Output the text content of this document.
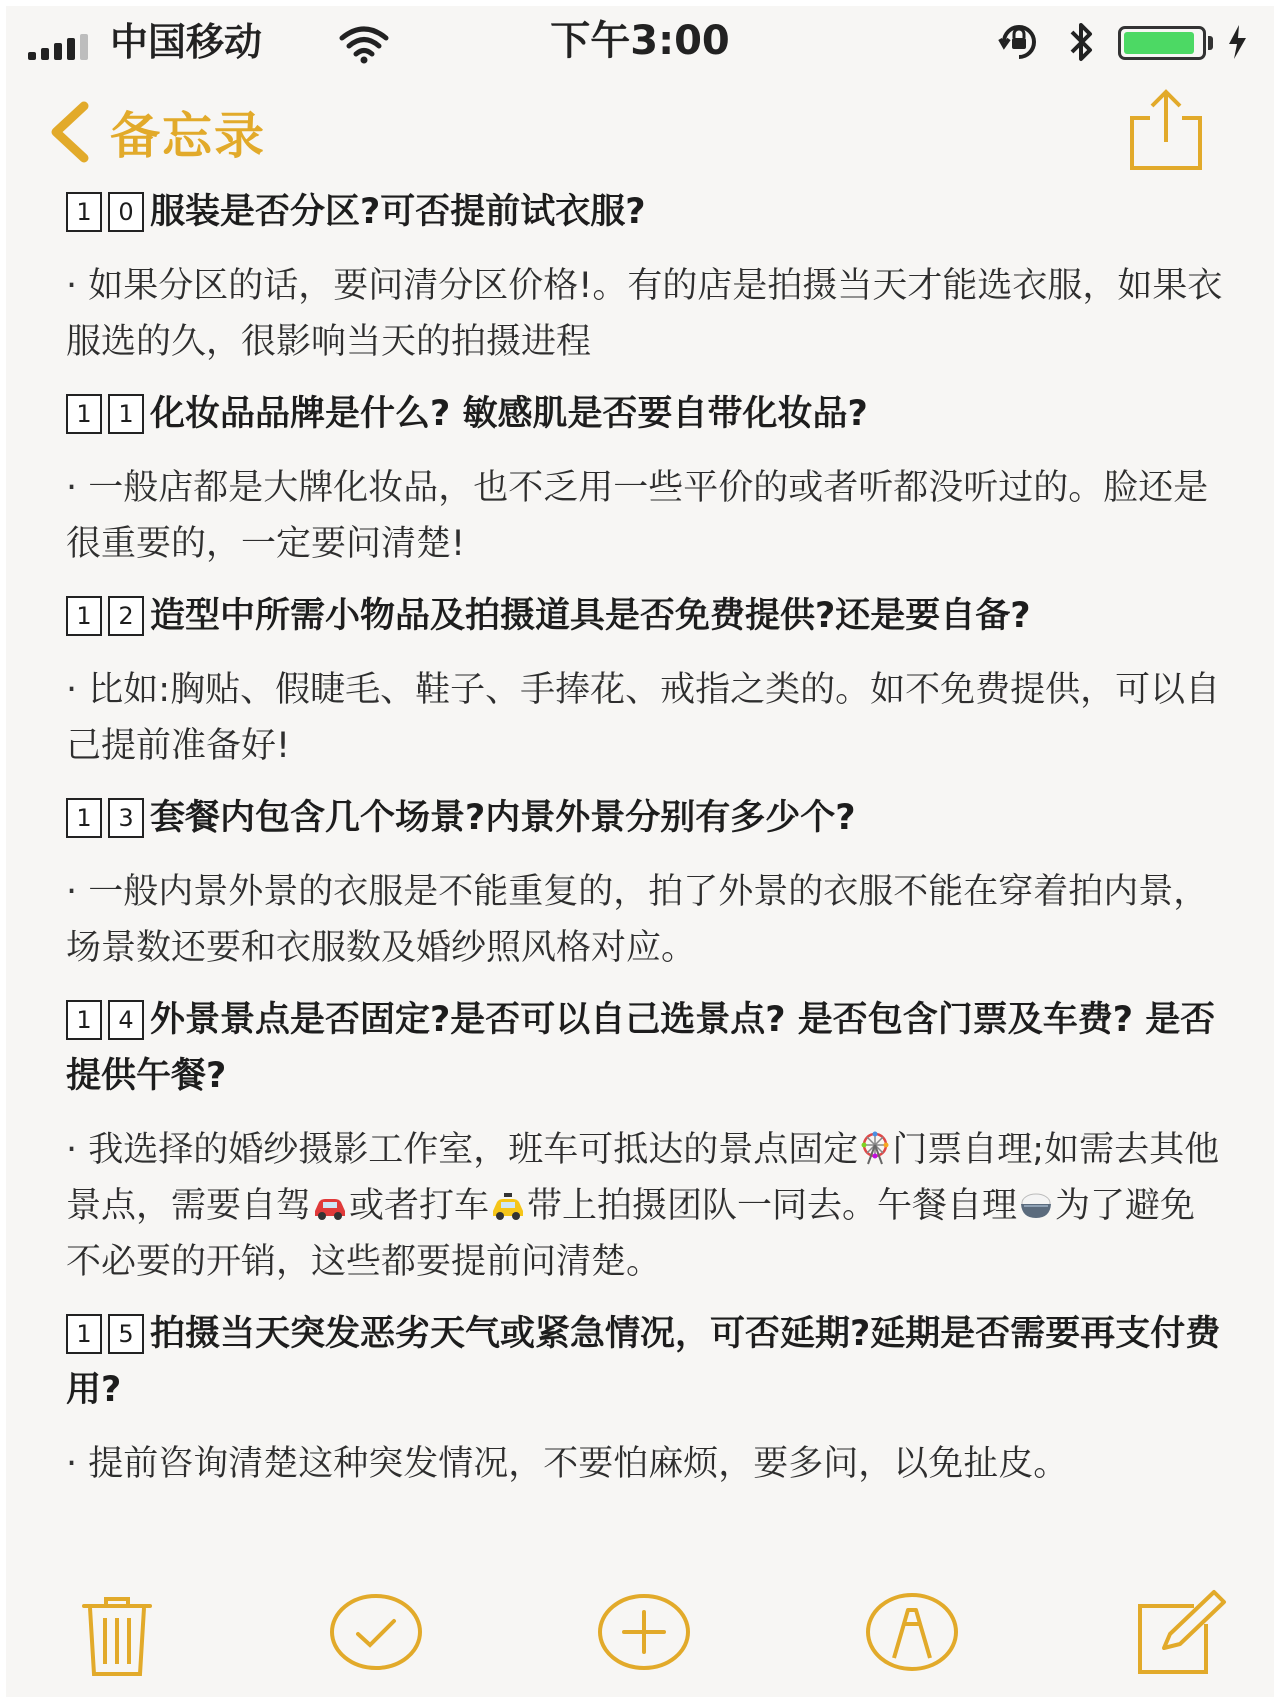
中国移动	下午3:00
备忘录

1 0 服装是否分区?可否提前试衣服?

· 如果分区的话，要问清分区价格!。有的店是拍摄当天才能选衣服，如果衣服选的久，很影响当天的拍摄进程

1 1 化妆品品牌是什么? 敏感肌是否要自带化妆品?

· 一般店都是大牌化妆品，也不乏用一些平价的或者听都没听过的。脸还是很重要的，一定要问清楚!

1 2 造型中所需小物品及拍摄道具是否免费提供?还是要自备?

· 比如:胸贴、假睫毛、鞋子、手捧花、戒指之类的。如不免费提供，可以自己提前准备好!

1 3 套餐内包含几个场景?内景外景分别有多少个?

· 一般内景外景的衣服是不能重复的，拍了外景的衣服不能在穿着拍内景，场景数还要和衣服数及婚纱照风格对应。

1 4 外景景点是否固定?是否可以自己选景点? 是否包含门票及车费? 是否提供午餐?

· 我选择的婚纱摄影工作室，班车可抵达的景点固定 门票自理;如需去其他景点，需要自驾 或者打车 带上拍摄团队一同去。午餐自理 为了避免不必要的开销，这些都要提前问清楚。

1 5 拍摄当天突发恶劣天气或紧急情况，可否延期?延期是否需要再支付费用?

· 提前咨询清楚这种突发情况，不要怕麻烦，要多问，以免扯皮。
